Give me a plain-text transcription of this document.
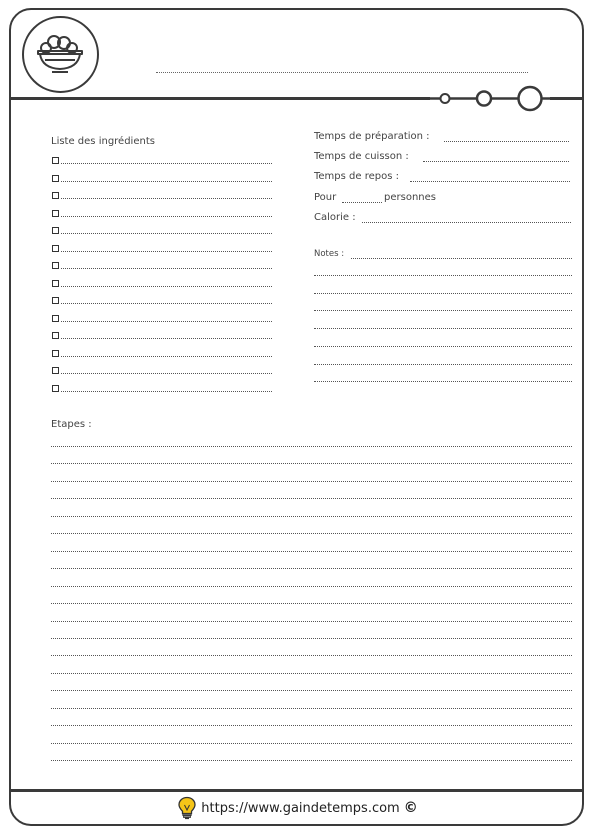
Liste des ingrédients	Temps de préparation :
Temps de cuisson :
Temps de repos :
Pour	personnes
Calorie :
Notes :
Etapes :
https://www.gaindetemps.com ©
